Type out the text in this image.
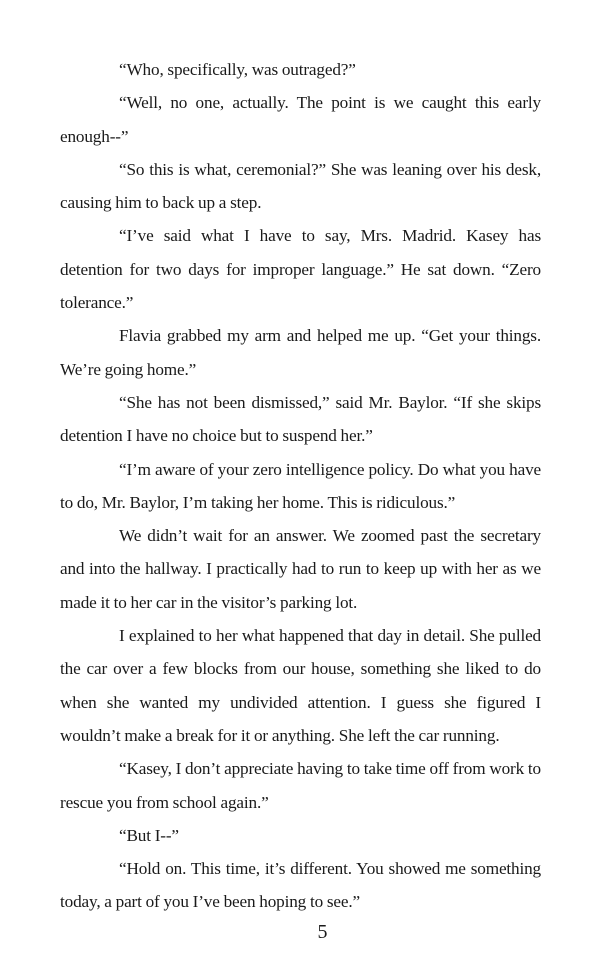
“Who, specifically, was outraged?”

“Well, no one, actually. The point is we caught this early enough--”

“So this is what, ceremonial?” She was leaning over his desk, causing him to back up a step.

“I’ve said what I have to say, Mrs. Madrid. Kasey has detention for two days for improper language.” He sat down. “Zero tolerance.”

Flavia grabbed my arm and helped me up. “Get your things. We’re going home.”

“She has not been dismissed,” said Mr. Baylor. “If she skips detention I have no choice but to suspend her.”

“I’m aware of your zero intelligence policy. Do what you have to do, Mr. Baylor, I’m taking her home. This is ridiculous.”

We didn’t wait for an answer. We zoomed past the secretary and into the hallway. I practically had to run to keep up with her as we made it to her car in the visitor’s parking lot.

I explained to her what happened that day in detail. She pulled the car over a few blocks from our house, something she liked to do when she wanted my undivided attention. I guess she figured I wouldn’t make a break for it or anything. She left the car running.

“Kasey, I don’t appreciate having to take time off from work to rescue you from school again.”

“But I--”

“Hold on. This time, it’s different. You showed me something today, a part of you I’ve been hoping to see.”

5
